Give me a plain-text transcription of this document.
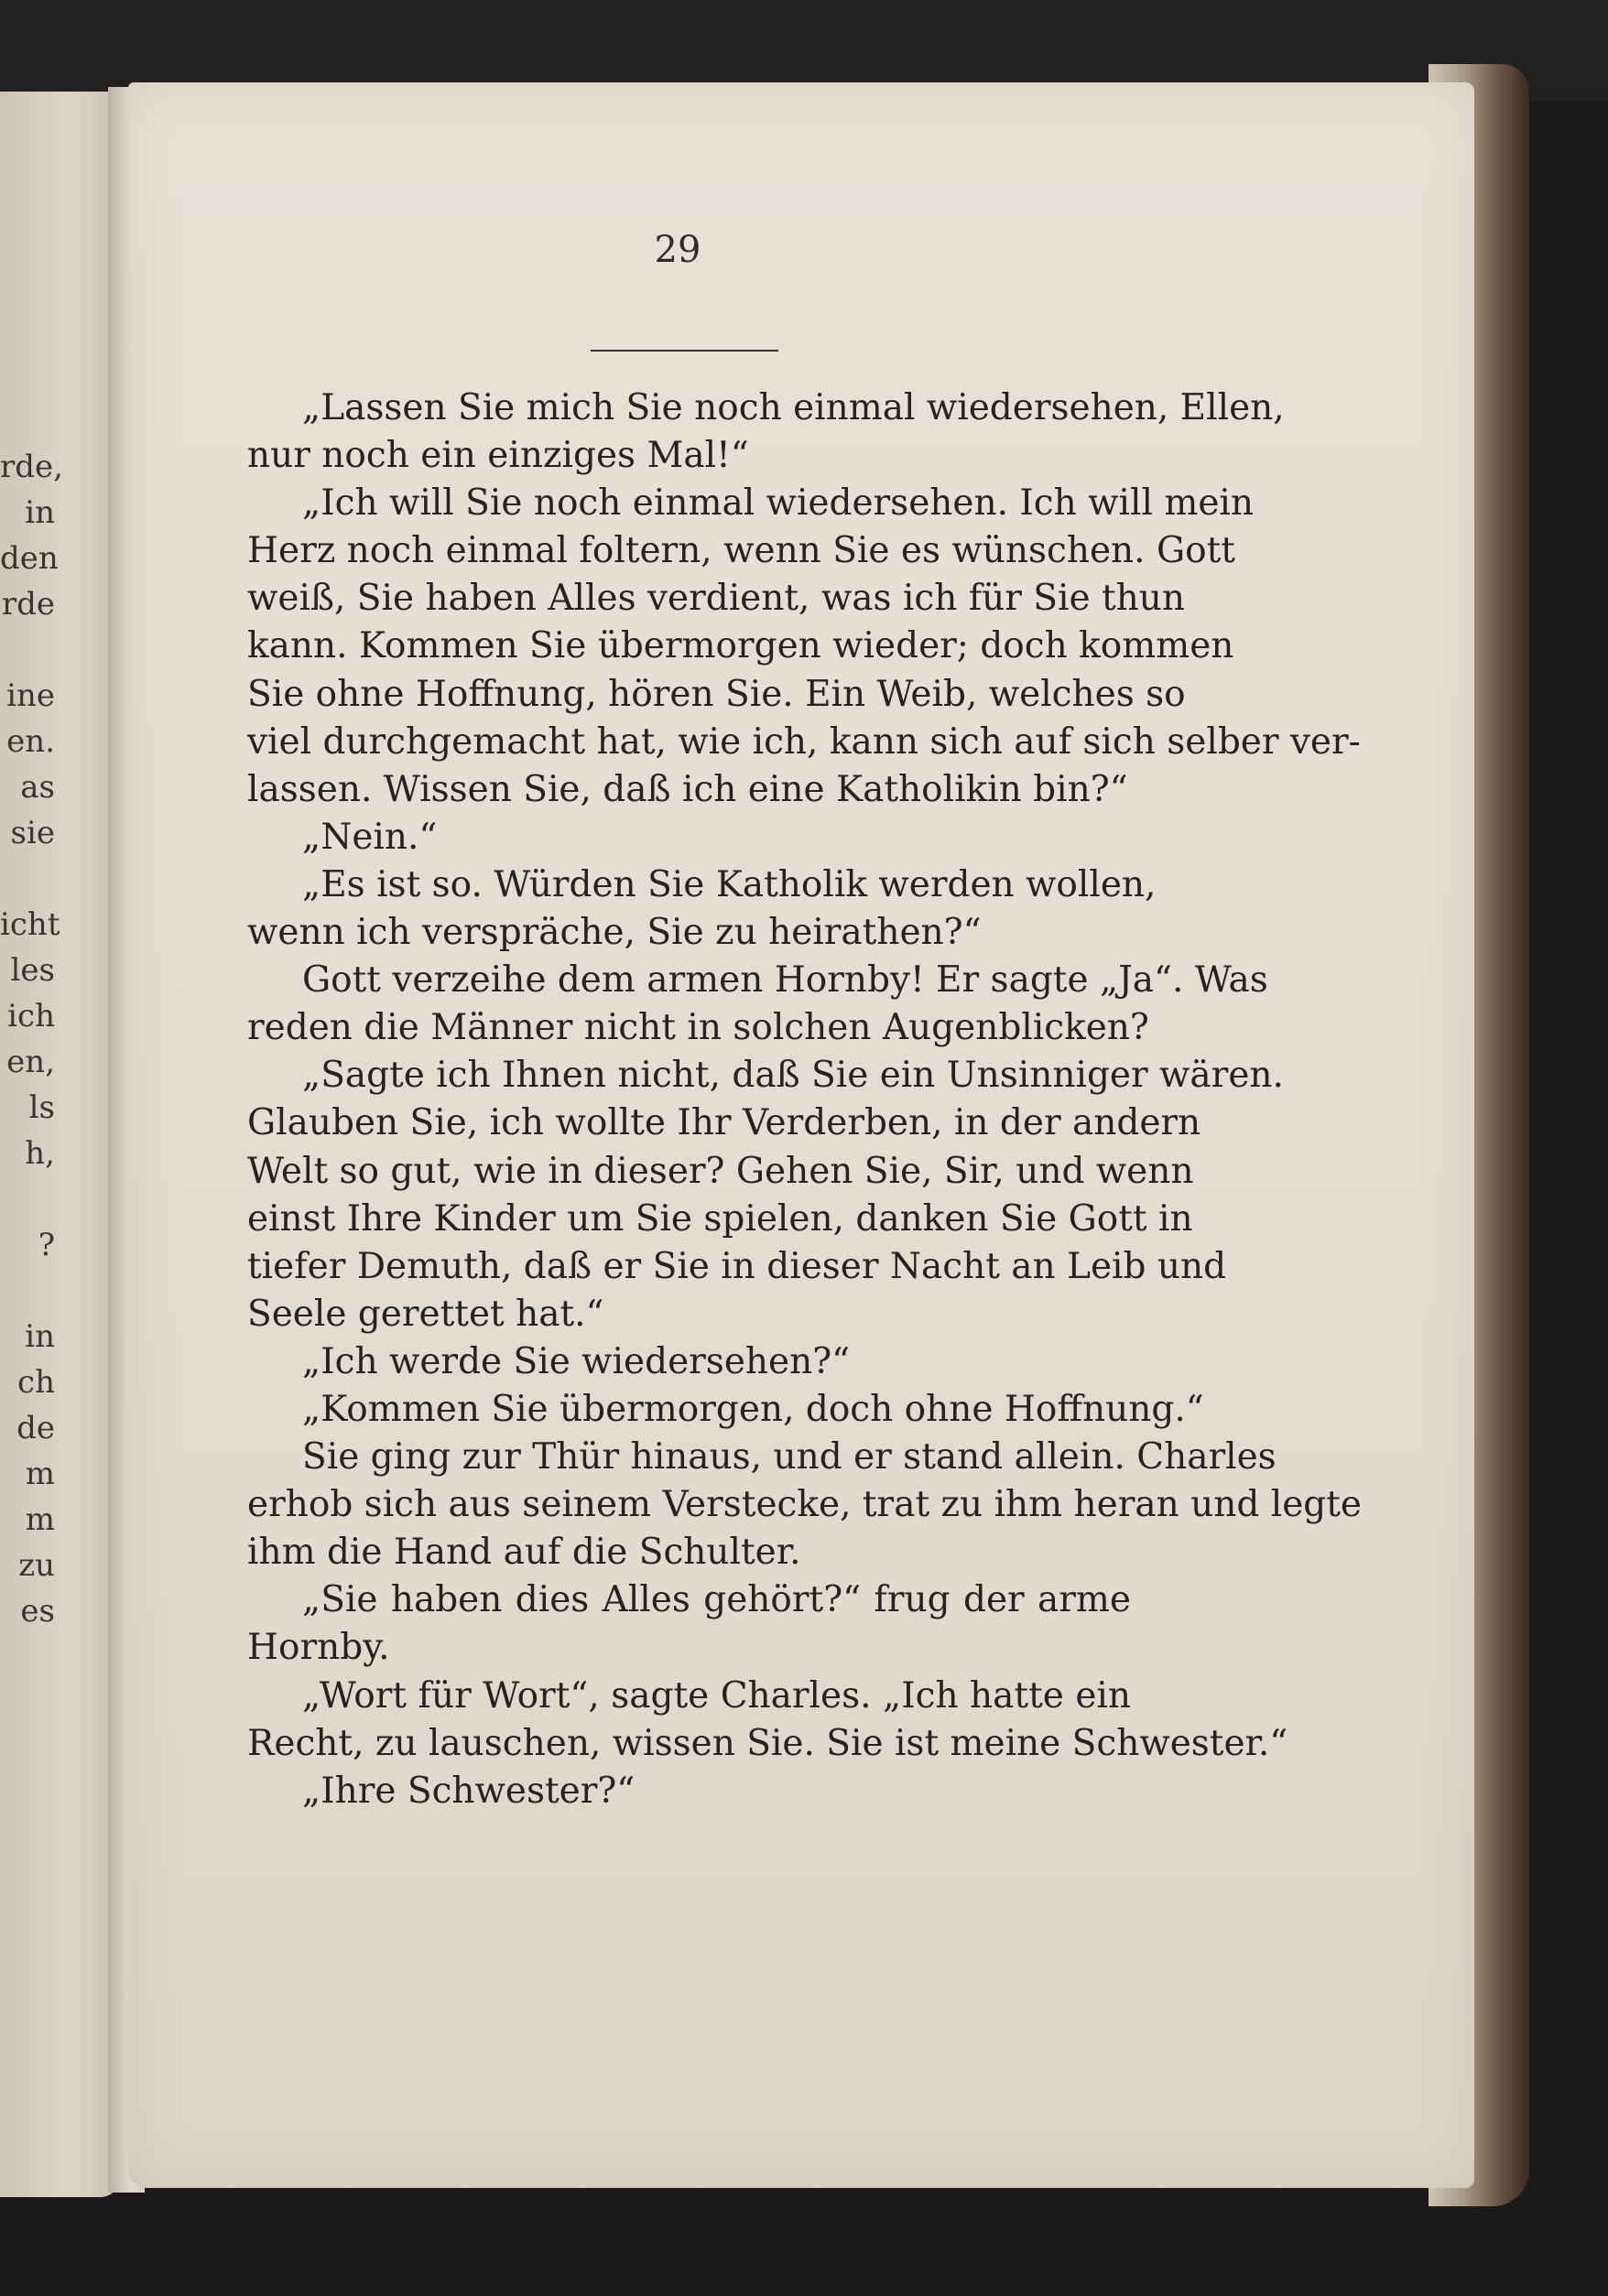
rde,
in
den
rde
ine
en.
as
sie
icht
les
ich
en,
ls
h,
?
in
ch
de
m
m
zu
es
29
„Lassen Sie mich Sie noch einmal wiedersehen, Ellen,
nur noch ein einziges Mal!“
„Ich will Sie noch einmal wiedersehen. Ich will mein
Herz noch einmal foltern, wenn Sie es wünschen. Gott
weiß, Sie haben Alles verdient, was ich für Sie thun
kann. Kommen Sie übermorgen wieder; doch kommen
Sie ohne Hoffnung, hören Sie. Ein Weib, welches so
viel durchgemacht hat, wie ich, kann sich auf sich selber ver-
lassen. Wissen Sie, daß ich eine Katholikin bin?“
„Nein.“
„Es ist so. Würden Sie Katholik werden wollen,
wenn ich verspräche, Sie zu heirathen?“
Gott verzeihe dem armen Hornby! Er sagte „Ja“. Was
reden die Männer nicht in solchen Augenblicken?
„Sagte ich Ihnen nicht, daß Sie ein Unsinniger wären.
Glauben Sie, ich wollte Ihr Verderben, in der andern
Welt so gut, wie in dieser? Gehen Sie, Sir, und wenn
einst Ihre Kinder um Sie spielen, danken Sie Gott in
tiefer Demuth, daß er Sie in dieser Nacht an Leib und
Seele gerettet hat.“
„Ich werde Sie wiedersehen?“
„Kommen Sie übermorgen, doch ohne Hoffnung.“
Sie ging zur Thür hinaus, und er stand allein. Charles
erhob sich aus seinem Verstecke, trat zu ihm heran und legte
ihm die Hand auf die Schulter.
„Sie haben dies Alles gehört?“ frug der arme
Hornby.
„Wort für Wort“, sagte Charles. „Ich hatte ein
Recht, zu lauschen, wissen Sie. Sie ist meine Schwester.“
„Ihre Schwester?“
